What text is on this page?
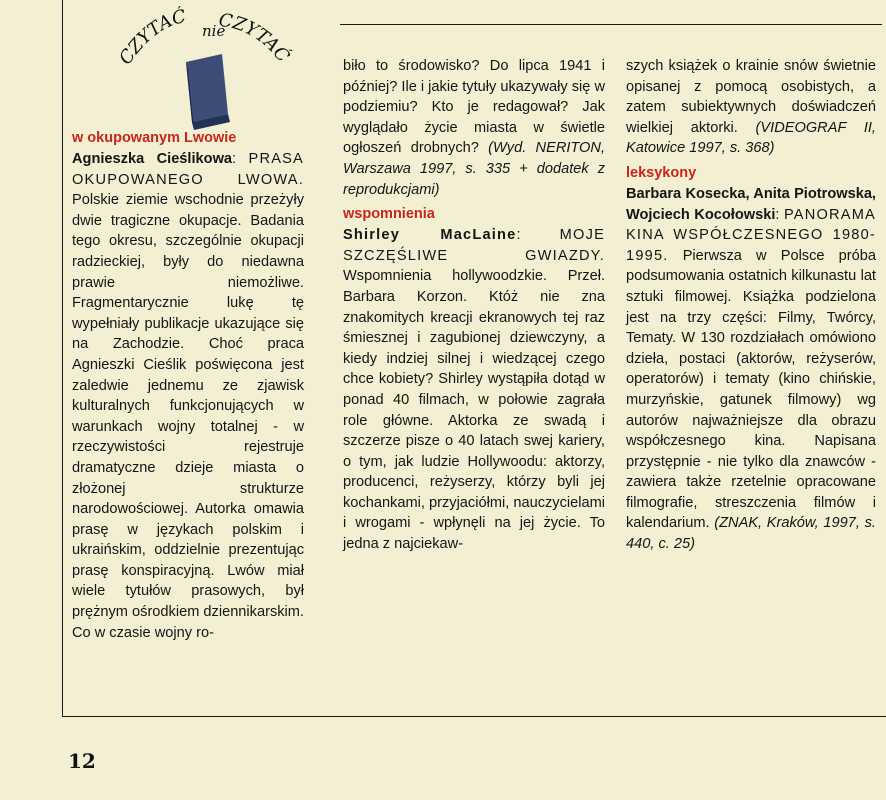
CZYTAĆ
nie
CZYTAĆ

w okupowanym Lwowie

Agnieszka Cieślikowa: PRASA OKUPOWANEGO LWOWA. Polskie ziemie wschodnie przeżyły dwie tragiczne okupacje. Badania tego okresu, szczególnie okupacji radzieckiej, były do niedawna prawie niemożliwe. Fragmentarycznie lukę tę wypełniały publikacje ukazujące się na Zachodzie. Choć praca Agnieszki Cieślik poświęcona jest zaledwie jednemu ze zjawisk kulturalnych funkcjonujących w warunkach wojny totalnej - w rzeczywistości rejestruje dramatyczne dzieje miasta o złożonej strukturze narodowościowej. Autorka omawia prasę w językach polskim i ukraińskim, oddzielnie prezentując prasę konspiracyjną. Lwów miał wiele tytułów prasowych, był prężnym ośrodkiem dziennikarskim. Co w czasie wojny ro-

biło to środowisko? Do lipca 1941 i później? Ile i jakie tytuły ukazywały się w podziemiu? Kto je redagował? Jak wyglądało życie miasta w świetle ogłoszeń drobnych? (Wyd. NERITON, Warszawa 1997, s. 335 + dodatek z reprodukcjami)

wspomnienia

Shirley MacLaine: MOJE SZCZĘŚLIWE GWIAZDY. Wspomnienia hollywoodzkie. Przeł. Barbara Korzon. Któż nie zna znakomitych kreacji ekranowych tej raz śmiesznej i zagubionej dziewczyny, a kiedy indziej silnej i wiedzącej czego chce kobiety? Shirley wystąpiła dotąd w ponad 40 filmach, w połowie zagrała role główne. Aktorka ze swadą i szczerze pisze o 40 latach swej kariery, o tym, jak ludzie Hollywoodu: aktorzy, producenci, reżyserzy, którzy byli jej kochankami, przyjaciółmi, nauczycielami i wrogami - wpłynęli na jej życie. To jedna z najciekaw-

szych książek o krainie snów świetnie opisanej z pomocą osobistych, a zatem subiektywnych doświadczeń wielkiej aktorki. (VIDEOGRAF II, Katowice 1997, s. 368)

leksykony

Barbara Kosecka, Anita Piotrowska, Wojciech Kocołowski: PANORAMA KINA WSPÓŁCZESNEGO 1980-1995. Pierwsza w Polsce próba podsumowania ostatnich kilkunastu lat sztuki filmowej. Książka podzielona jest na trzy części: Filmy, Twórcy, Tematy. W 130 rozdziałach omówiono dzieła, postaci (aktorów, reżyserów, operatorów) i tematy (kino chińskie, murzyńskie, gatunek filmowy) wg autorów najważniejsze dla obrazu współczesnego kina. Napisana przystępnie - nie tylko dla znawców - zawiera także rzetelnie opracowane filmografie, streszczenia filmów i kalendarium. (ZNAK, Kraków, 1997, s. 440, c. 25)

12
